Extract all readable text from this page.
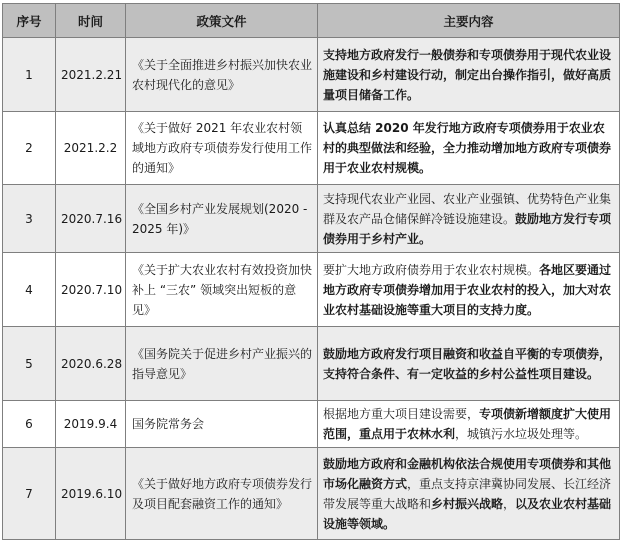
序号	时间	政策文件	主要内容
1	2021.2.21	《关于全面推进乡村振兴加快农业农村现代化的意见》	支持地方政府发行一般债券和专项债券用于现代农业设施建设和乡村建设行动，制定出台操作指引，做好高质量项目储备工作。
2	2021.2.2	《关于做好 2021 年农业农村领域地方政府专项债券发行使用工作的通知》	认真总结 2020 年发行地方政府专项债券用于农业农村的典型做法和经验，全力推动增加地方政府专项债券用于农业农村规模。
3	2020.7.16	《全国乡村产业发展规划(2020 - 2025 年)》	支持现代农业产业园、农业产业强镇、优势特色产业集群及农产品仓储保鲜冷链设施建设。鼓励地方发行专项债券用于乡村产业。
4	2020.7.10	《关于扩大农业农村有效投资加快补上 “三农” 领域突出短板的意见》	要扩大地方政府债券用于农业农村规模。各地区要通过地方政府专项债券增加用于农业农村的投入，加大对农业农村基础设施等重大项目的支持力度。
5	2020.6.28	《国务院关于促进乡村产业振兴的指导意见》	鼓励地方政府发行项目融资和收益自平衡的专项债券，支持符合条件、有一定收益的乡村公益性项目建设。
6	2019.9.4	国务院常务会	根据地方重大项目建设需要，专项债新增额度扩大使用范围，重点用于农林水利，城镇污水垃圾处理等。
7	2019.6.10	《关于做好地方政府专项债券发行及项目配套融资工作的通知》	鼓励地方政府和金融机构依法合规使用专项债券和其他市场化融资方式，重点支持京津冀协同发展、长江经济带发展等重大战略和乡村振兴战略，以及农业农村基础设施等领域。
